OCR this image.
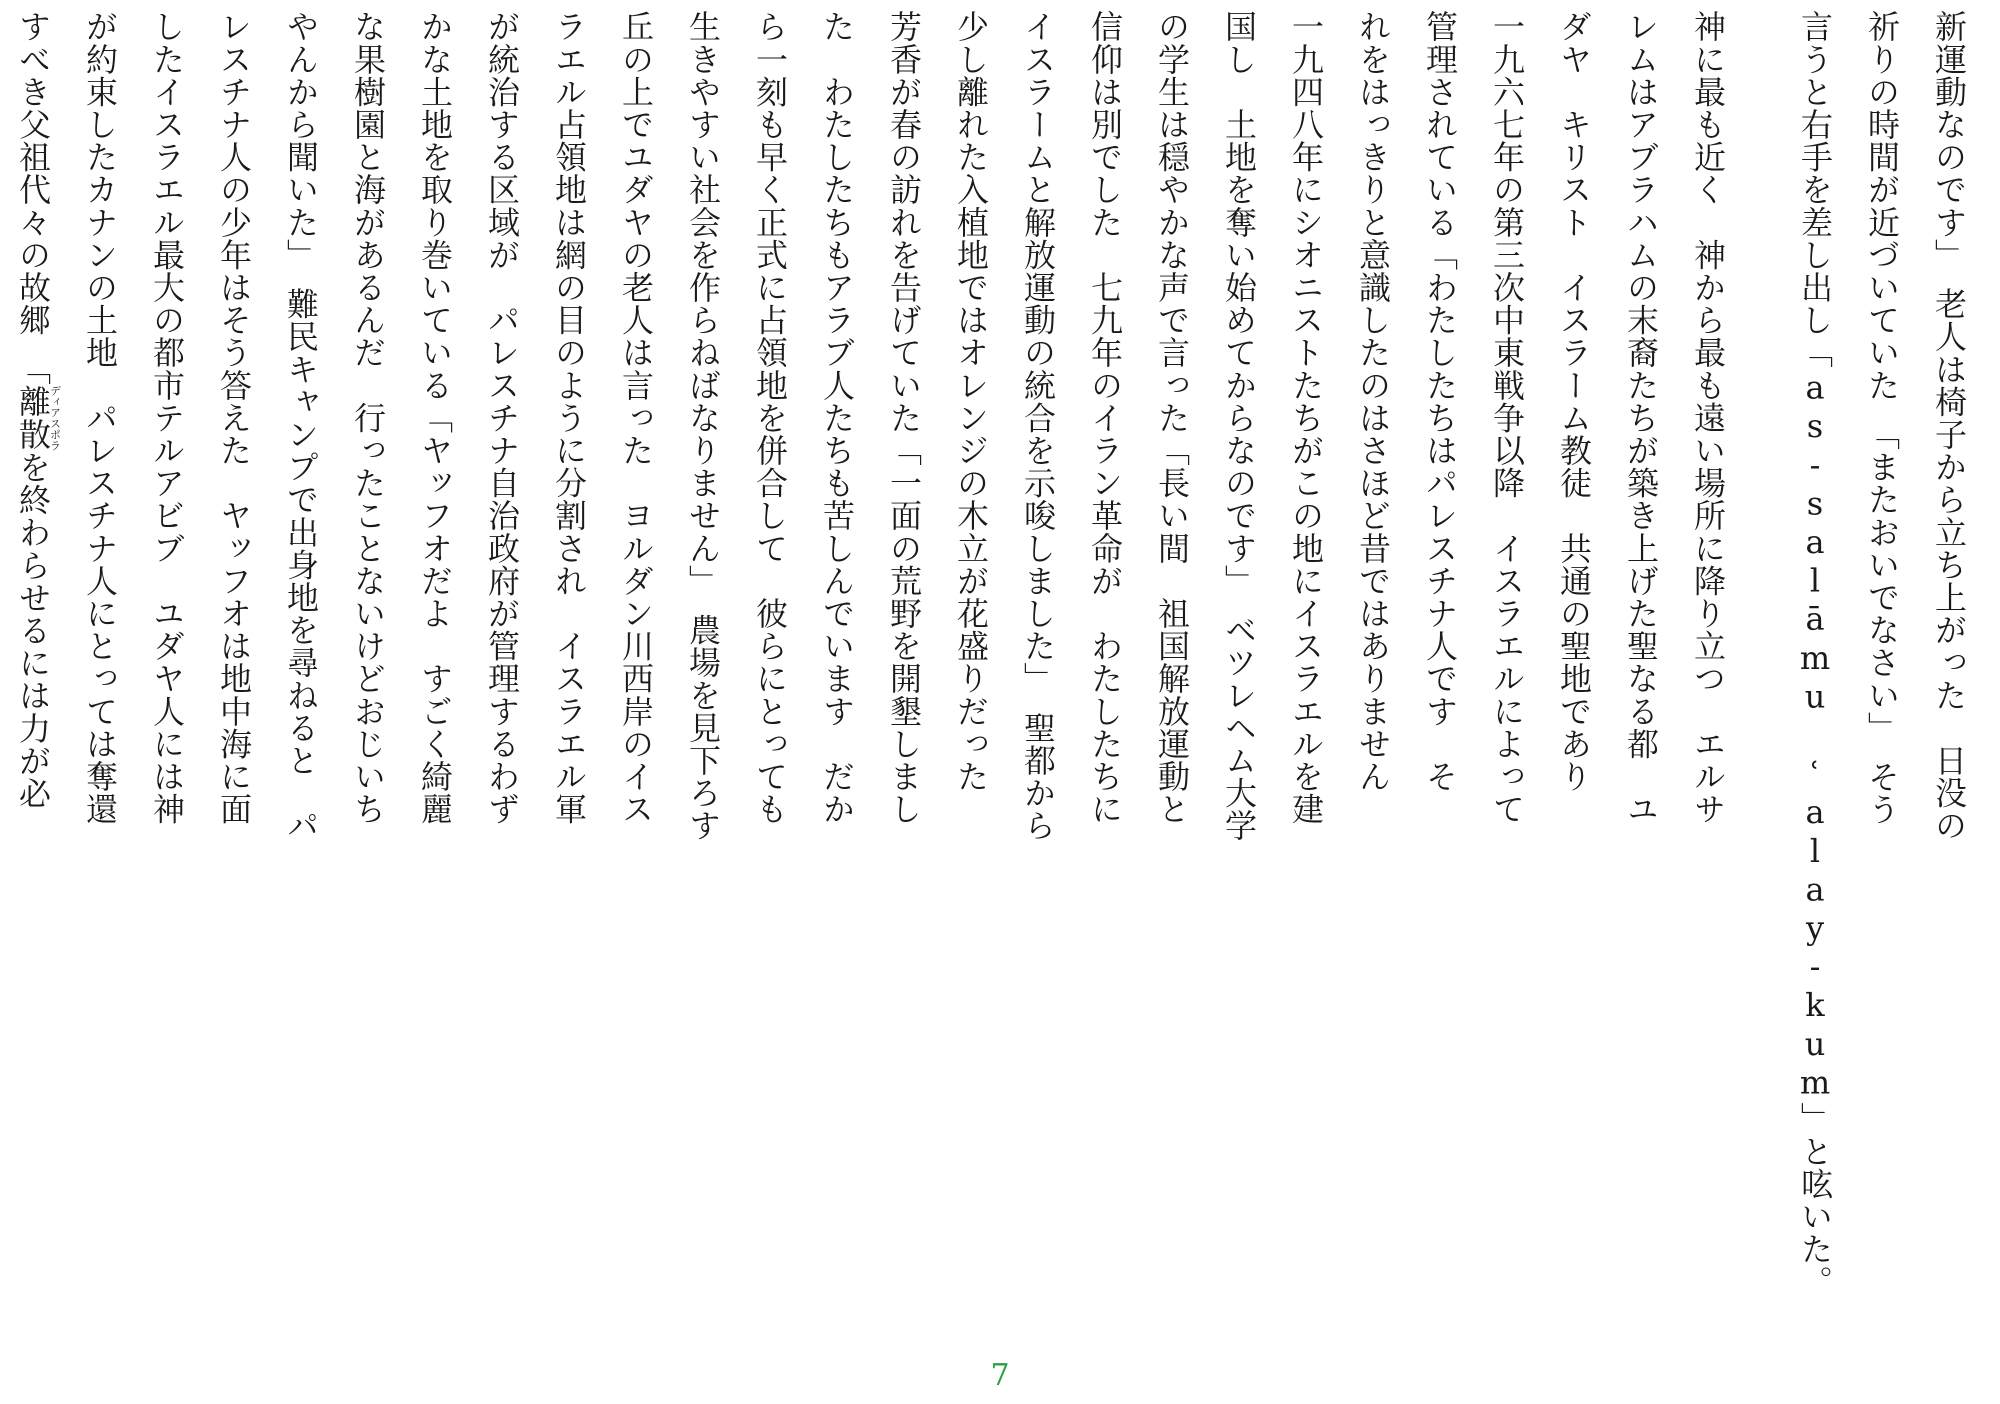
新運動なのです」　老人は椅子から立ち上がった　日没の
祈りの時間が近づいていた　「またおいでなさい」　そう
言うと右手を差し出し「as-salāmu ʿalay-kum」と呟いた。
神に最も近く　神から最も遠い場所に降り立つ　エルサ
レムはアブラハムの末裔たちが築き上げた聖なる都　ユ
ダヤ　キリスト　イスラーム教徒　共通の聖地であり
一九六七年の第三次中東戦争以降　イスラエルによって
管理されている「わたしたちはパレスチナ人です　そ
れをはっきりと意識したのはさほど昔ではありません
一九四八年にシオニストたちがこの地にイスラエルを建
国し　土地を奪い始めてからなのです」　ベツレヘム大学
の学生は穏やかな声で言った「長い間　祖国解放運動と
信仰は別でした　七九年のイラン革命が　わたしたちに
イスラームと解放運動の統合を示唆しました」　聖都から
少し離れた入植地ではオレンジの木立が花盛りだった
芳香が春の訪れを告げていた「一面の荒野を開墾しまし
た　わたしたちもアラブ人たちも苦しんでいます　だか
ら一刻も早く正式に占領地を併合して　彼らにとっても
生きやすい社会を作らねばなりません」　農場を見下ろす
丘の上でユダヤの老人は言った　ヨルダン川西岸のイス
ラエル占領地は網の目のように分割され　イスラエル軍
が統治する区域が　パレスチナ自治政府が管理するわず
かな土地を取り巻いている「ヤッフオだよ　すごく綺麗
な果樹園と海があるんだ　行ったことないけどおじいち
やんから聞いた」　難民キャンプで出身地を尋ねると　パ
レスチナ人の少年はそう答えた　ヤッフオは地中海に面
したイスラエル最大の都市テルアビブ　ユダヤ人には神
が約束したカナンの土地　パレスチナ人にとっては奪還
すべき父祖代々の故郷　「離散ディアスポラを終わらせるには力が必
7
